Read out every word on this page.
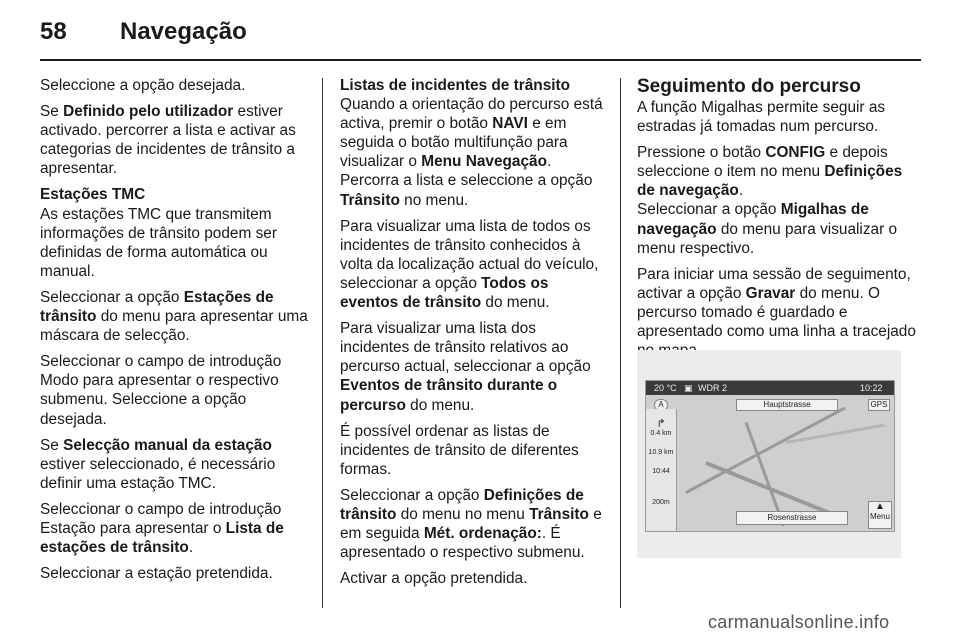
58 Navegação

Seleccione a opção desejada.

Se Definido pelo utilizador estiver activado. percorrer a lista e activar as categorias de incidentes de trânsito a apresentar.

Estações TMC

As estações TMC que transmitem informações de trânsito podem ser definidas de forma automática ou manual.

Seleccionar a opção Estações de trânsito do menu para apresentar uma máscara de selecção.

Seleccionar o campo de introdução Modo para apresentar o respectivo submenu. Seleccione a opção desejada.

Se Selecção manual da estação estiver seleccionado, é necessário definir uma estação TMC.

Seleccionar o campo de introdução Estação para apresentar o Lista de estações de trânsito.

Seleccionar a estação pretendida.

Listas de incidentes de trânsito

Quando a orientação do percurso está activa, premir o botão NAVI e em seguida o botão multifunção para visualizar o Menu Navegação.

Percorra a lista e seleccione a opção Trânsito no menu.

Para visualizar uma lista de todos os incidentes de trânsito conhecidos à volta da localização actual do veículo, seleccionar a opção Todos os eventos de trânsito do menu.

Para visualizar uma lista dos incidentes de trânsito relativos ao percurso actual, seleccionar a opção Eventos de trânsito durante o percurso do menu.

É possível ordenar as listas de incidentes de trânsito de diferentes formas.

Seleccionar a opção Definições de trânsito do menu no menu Trânsito e em seguida Mét. ordenação:. É apresentado o respectivo submenu.

Activar a opção pretendida.

Seguimento do percurso

A função Migalhas permite seguir as estradas já tomadas num percurso.

Pressione o botão CONFIG e depois seleccione o item no menu Definições de navegação.

Seleccionar a opção Migalhas de navegação do menu para visualizar o menu respectivo.

Para iniciar uma sessão de seguimento, activar a opção Gravar do menu. O percurso tomado é guardado e apresentado como uma linha a tracejado

20 °C ▣ WDR 2	10:22
A	Hauptstrasse	GPS
↱
0.4 km
10.9 km
10:44
200m
Rosenstrasse
▲
Menu
carmanualsonline.info
